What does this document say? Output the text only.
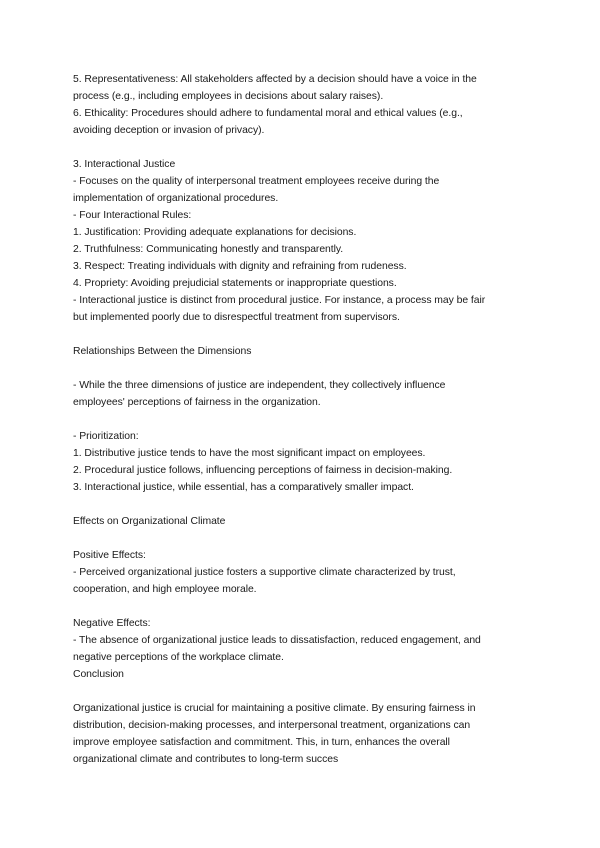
5. Representativeness: All stakeholders affected by a decision should have a voice in the
process (e.g., including employees in decisions about salary raises).
6. Ethicality: Procedures should adhere to fundamental moral and ethical values (e.g.,
avoiding deception or invasion of privacy).
3. Interactional Justice
- Focuses on the quality of interpersonal treatment employees receive during the
implementation of organizational procedures.
- Four Interactional Rules:
1. Justification: Providing adequate explanations for decisions.
2. Truthfulness: Communicating honestly and transparently.
3. Respect: Treating individuals with dignity and refraining from rudeness.
4. Propriety: Avoiding prejudicial statements or inappropriate questions.
- Interactional justice is distinct from procedural justice. For instance, a process may be fair
but implemented poorly due to disrespectful treatment from supervisors.
Relationships Between the Dimensions
- While the three dimensions of justice are independent, they collectively influence
employees' perceptions of fairness in the organization.
- Prioritization:
1. Distributive justice tends to have the most significant impact on employees.
2. Procedural justice follows, influencing perceptions of fairness in decision-making.
3. Interactional justice, while essential, has a comparatively smaller impact.
Effects on Organizational Climate
Positive Effects:
- Perceived organizational justice fosters a supportive climate characterized by trust,
cooperation, and high employee morale.
Negative Effects:
- The absence of organizational justice leads to dissatisfaction, reduced engagement, and
negative perceptions of the workplace climate.
Conclusion
Organizational justice is crucial for maintaining a positive climate. By ensuring fairness in
distribution, decision-making processes, and interpersonal treatment, organizations can
improve employee satisfaction and commitment. This, in turn, enhances the overall
organizational climate and contributes to long-term succes
